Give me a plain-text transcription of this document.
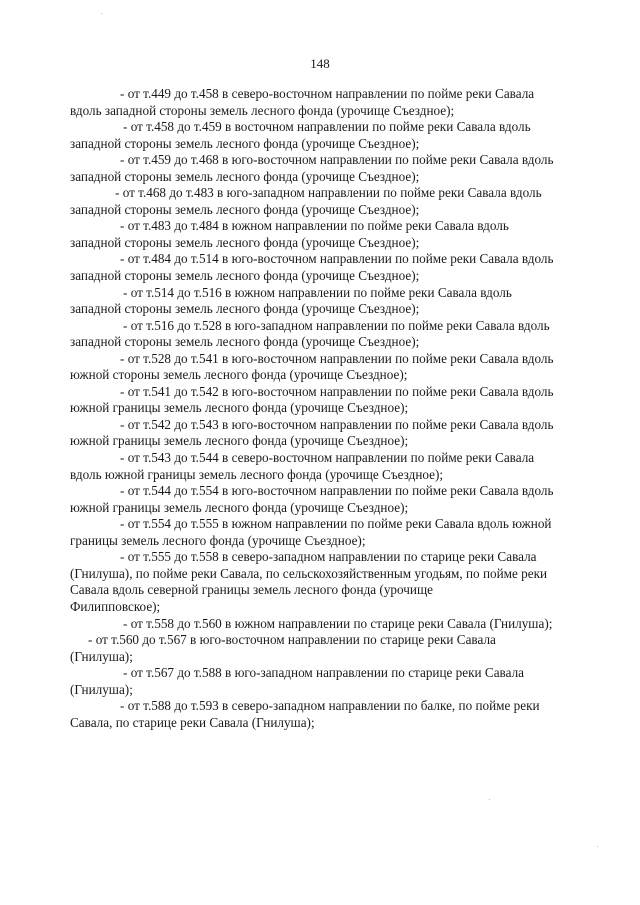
148
- от т.449 до т.458 в северо-восточном направлении по пойме реки Савала
вдоль западной стороны земель лесного фонда (урочище Съездное);
- от т.458 до т.459 в восточном направлении по пойме реки Савала вдоль
западной стороны земель лесного фонда (урочище Съездное);
- от т.459 до т.468 в юго-восточном направлении по пойме реки Савала вдоль
западной стороны земель лесного фонда (урочище Съездное);
- от т.468 до т.483 в юго-западном направлении по пойме реки Савала вдоль
западной стороны земель лесного фонда (урочище Съездное);
- от т.483 до т.484 в южном направлении по пойме реки Савала вдоль
западной стороны земель лесного фонда (урочище Съездное);
- от т.484 до т.514 в юго-восточном направлении по пойме реки Савала вдоль
западной стороны земель лесного фонда (урочище Съездное);
- от т.514 до т.516 в южном направлении по пойме реки Савала вдоль
западной стороны земель лесного фонда (урочище Съездное);
- от т.516 до т.528 в юго-западном направлении по пойме реки Савала вдоль
западной стороны земель лесного фонда (урочище Съездное);
- от т.528 до т.541 в юго-восточном направлении по пойме реки Савала вдоль
южной стороны земель лесного фонда (урочище Съездное);
- от т.541 до т.542 в юго-восточном направлении по пойме реки Савала вдоль
южной границы земель лесного фонда (урочище Съездное);
- от т.542 до т.543 в юго-восточном направлении по пойме реки Савала вдоль
южной границы земель лесного фонда (урочище Съездное);
- от т.543 до т.544 в северо-восточном направлении по пойме реки Савала
вдоль южной границы земель лесного фонда (урочище Съездное);
- от т.544 до т.554 в юго-восточном направлении по пойме реки Савала вдоль
южной границы земель лесного фонда (урочище Съездное);
- от т.554 до т.555 в южном направлении по пойме реки Савала вдоль южной
границы земель лесного фонда (урочище Съездное);
- от т.555 до т.558 в северо-западном направлении по старице реки Савала
(Гнилуша), по пойме реки Савала, по сельскохозяйственным угодьям, по пойме реки
Савала вдоль северной границы земель лесного фонда (урочище
Филипповское);
- от т.558 до т.560 в южном направлении по старице реки Савала (Гнилуша);
- от т.560 до т.567 в юго-восточном направлении по старице реки Савала
(Гнилуша);
- от т.567 до т.588 в юго-западном направлении по старице реки Савала
(Гнилуша);
- от т.588 до т.593 в северо-западном направлении по балке, по пойме реки
Савала, по старице реки Савала (Гнилуша);
